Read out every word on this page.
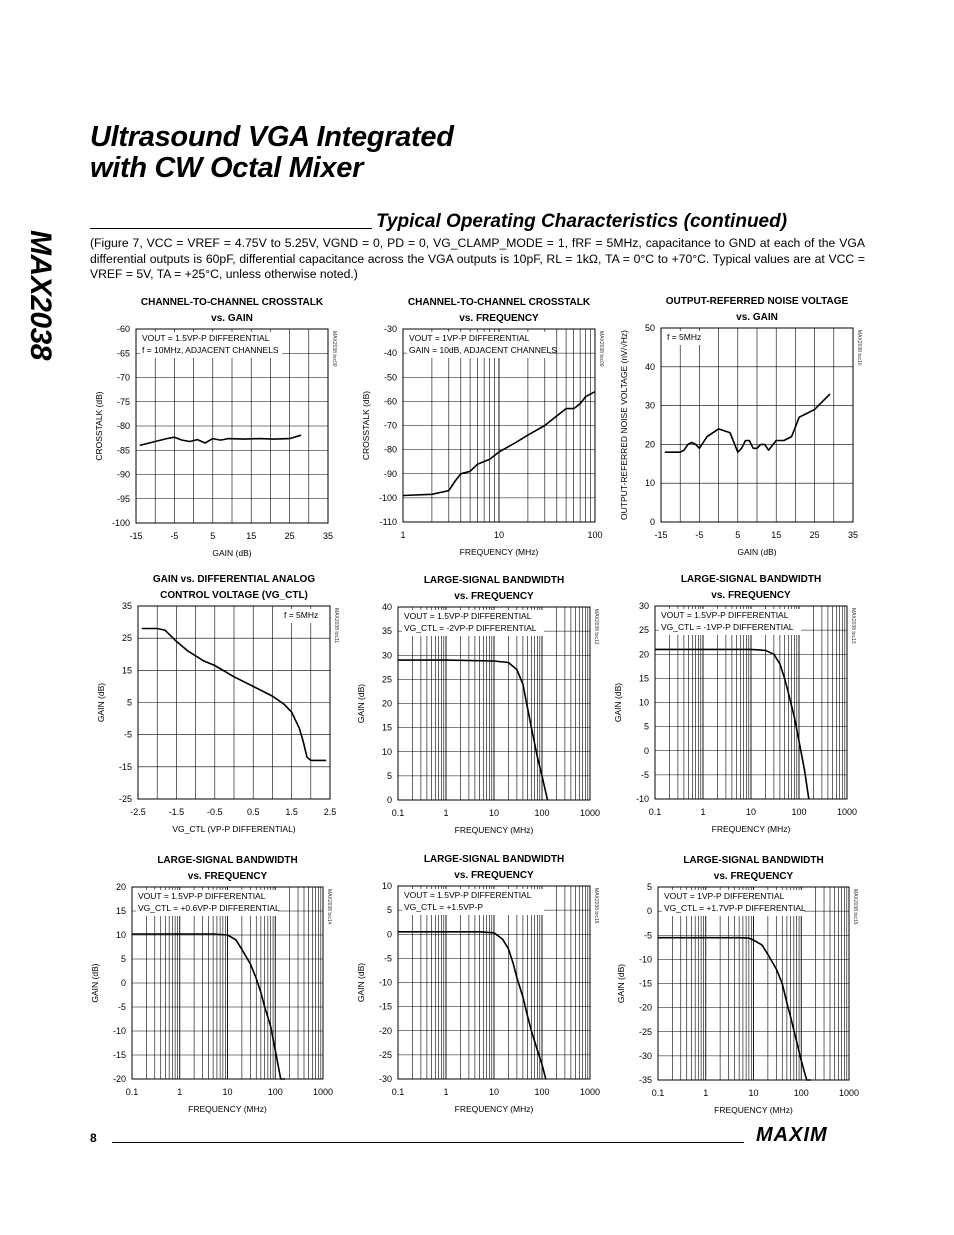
MAX2038
Ultrasound VGA Integrated
with CW Octal Mixer
Typical Operating Characteristics (continued)
(Figure 7, VCC = VREF = 4.75V to 5.25V, VGND = 0, PD = 0, VG_CLAMP_MODE = 1, fRF = 5MHz, capacitance to GND at each of the VGA differential outputs is 60pF, differential capacitance across the VGA outputs is 10pF, RL = 1kΩ, TA = 0°C to +70°C. Typical values are at VCC = VREF = 5V, TA = +25°C, unless otherwise noted.)
CHANNEL-TO-CHANNEL CROSSTALK
vs. GAIN
VOUT = 1.5VP-P DIFFERENTIAL
f = 10MHz, ADJACENT CHANNELS	MAX2038 toc09
-60
-65
-70
-75
-80
-85
-90
-95
-100
-15	-5	5	15	25	35
GAIN (dB)
CROSSTALK (dB)
CHANNEL-TO-CHANNEL CROSSTALK
vs. FREQUENCY
VOUT = 1VP-P DIFFERENTIAL
GAIN = 10dB, ADJACENT CHANNELS	MAX2038 toc09
-30
-40
-50
-60
-70
-80
-90
-100
-110
1	10	100
FREQUENCY (MHz)
CROSSTALK (dB)
OUTPUT-REFERRED NOISE VOLTAGE
vs. GAIN
f = 5MHz	MAX2038 toc10
0
10
20
30
40
50
-15	-5	5	15	25	35
GAIN (dB)
OUTPUT-REFERRED NOISE VOLTAGE (nV/√Hz)
GAIN vs. DIFFERENTIAL ANALOG
CONTROL VOLTAGE (VG_CTL)
f = 5MHz	MAX2038 toc11
35
25
15
5
-5
-15
-25
-2.5	-1.5	-0.5	0.5	1.5	2.5
VG_CTL (VP-P DIFFERENTIAL)
GAIN (dB)
LARGE-SIGNAL BANDWIDTH
vs. FREQUENCY
VOUT = 1.5VP-P DIFFERENTIAL
VG_CTL = -2VP-P DIFFERENTIAL	MAX2038 toc12
40
35
30
25
20
15
10
5
0
0.1	1	10	100	1000
FREQUENCY (MHz)
GAIN (dB)
LARGE-SIGNAL BANDWIDTH
vs. FREQUENCY
VOUT = 1.5VP-P DIFFERENTIAL
VG_CTL = -1VP-P DIFFERENTIAL	MAX2038 toc13
30
25
20
15
10
5
0
-5
-10
0.1	1	10	100	1000
FREQUENCY (MHz)
GAIN (dB)
LARGE-SIGNAL BANDWIDTH
vs. FREQUENCY
VOUT = 1.5VP-P DIFFERENTIAL
VG_CTL = +0.6VP-P DIFFERENTIAL	MAX2038 toc14
20
15
10
5
0
-5
-10
-15
-20
0.1	1	10	100	1000
FREQUENCY (MHz)
GAIN (dB)
LARGE-SIGNAL BANDWIDTH
vs. FREQUENCY
VOUT = 1.5VP-P DIFFERENTIAL
VG_CTL = +1.5VP-P	MAX2038 toc15
10
5
0
-5
-10
-15
-20
-25
-30
0.1	1	10	100	1000
FREQUENCY (MHz)
GAIN (dB)
LARGE-SIGNAL BANDWIDTH
vs. FREQUENCY
VOUT = 1VP-P DIFFERENTIAL
VG_CTL = +1.7VP-P DIFFERENTIAL	MAX2038 toc16
5
0
-5
-10
-15
-20
-25
-30
-35
0.1	1	10	100	1000
FREQUENCY (MHz)
GAIN (dB)
8	MAXIM
